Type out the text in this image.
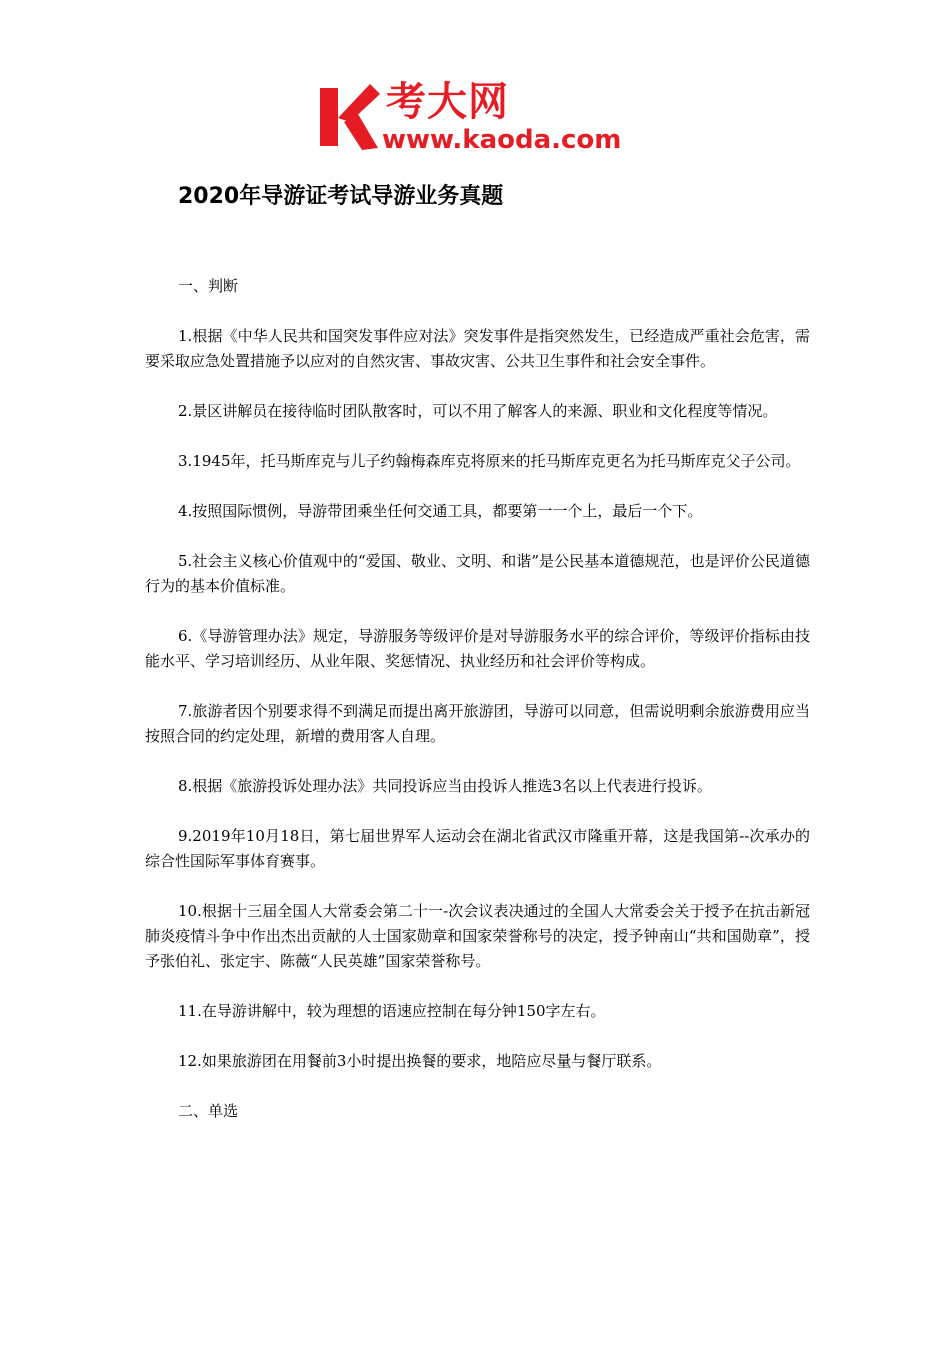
考大网
www.kaoda.com
2020年导游证考试导游业务真题

一、判断

1.根据《中华人民共和国突发事件应对法》突发事件是指突然发生，已经造成严重社会危害，需要采取应急处置措施予以应对的自然灾害、事故灾害、公共卫生事件和社会安全事件。

2.景区讲解员在接待临时团队散客时，可以不用了解客人的来源、职业和文化程度等情况。

3.1945年，托马斯库克与儿子约翰梅森库克将原来的托马斯库克更名为托马斯库克父子公司。

4.按照国际惯例，导游带团乘坐任何交通工具，都要第一一个上，最后一个下。

5.社会主义核心价值观中的“爱国、敬业、文明、和谐”是公民基本道德规范，也是评价公民道德行为的基本价值标准。

6.《导游管理办法》规定，导游服务等级评价是对导游服务水平的综合评价，等级评价指标由技能水平、学习培训经历、从业年限、奖惩情况、执业经历和社会评价等构成。

7.旅游者因个别要求得不到满足而提出离开旅游团，导游可以同意，但需说明剩余旅游费用应当按照合同的约定处理，新增的费用客人自理。

8.根据《旅游投诉处理办法》共同投诉应当由投诉人推选3名以上代表进行投诉。

9.2019年10月18日，第七届世界军人运动会在湖北省武汉市隆重开幕，这是我国第--次承办的综合性国际军事体育赛事。

10.根据十三届全国人大常委会第二十一-次会议表决通过的全国人大常委会关于授予在抗击新冠肺炎疫情斗争中作出杰出贡献的人士国家勋章和国家荣誉称号的决定，授予钟南山“共和国勋章”，授予张伯礼、张定宇、陈薇“人民英雄”国家荣誉称号。

11.在导游讲解中，较为理想的语速应控制在每分钟150字左右。

12.如果旅游团在用餐前3小时提出换餐的要求，地陪应尽量与餐厅联系。

二、单选
